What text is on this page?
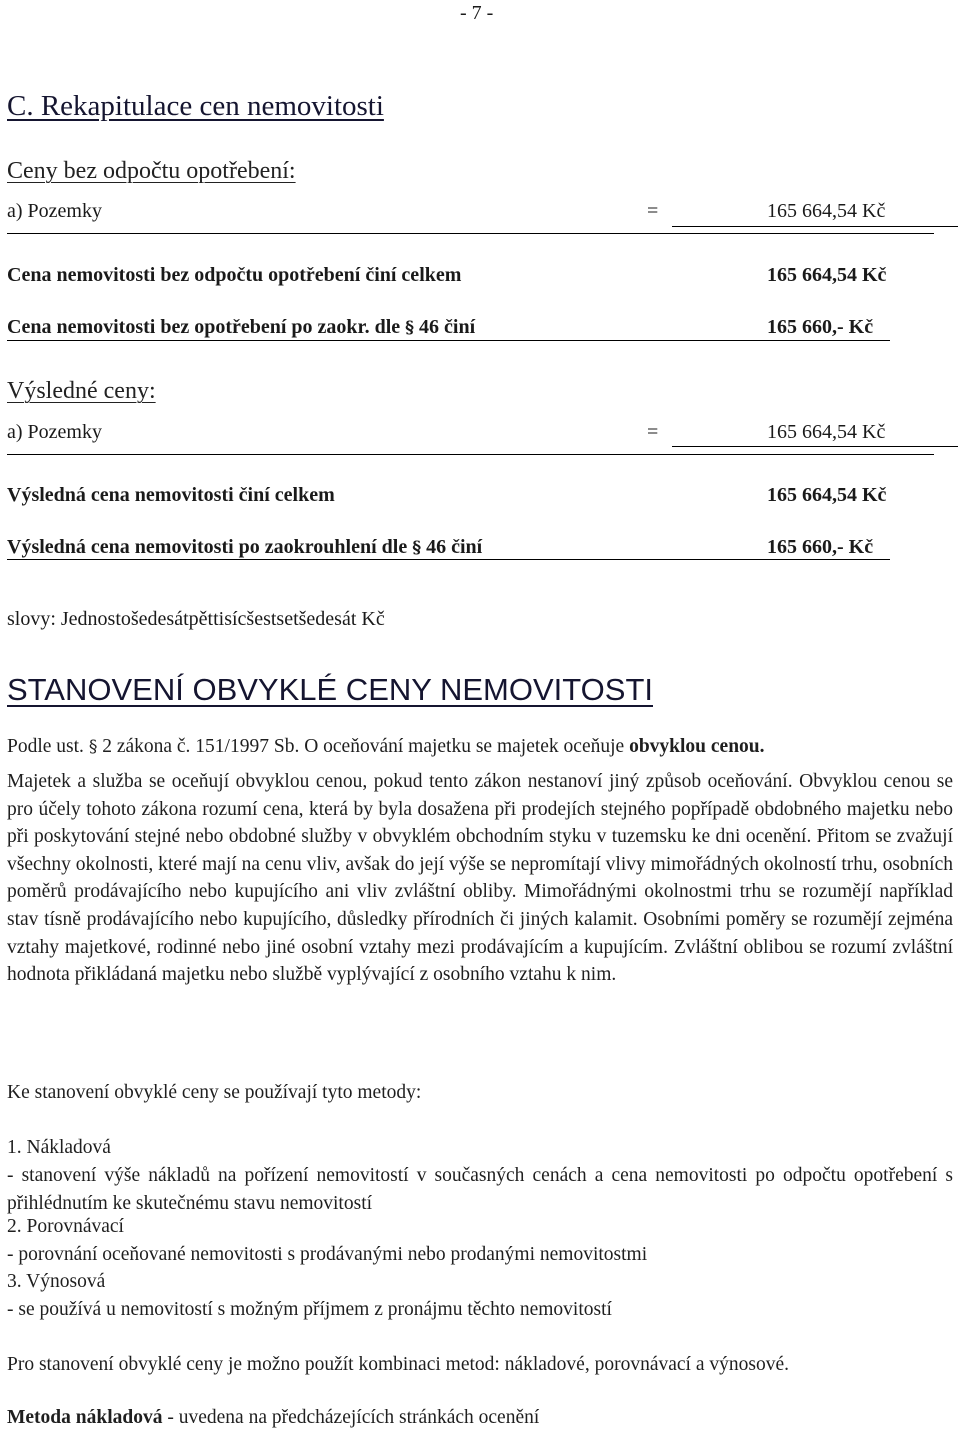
- 7 -
C. Rekapitulace cen nemovitosti
Ceny bez odpočtu opotřebení:
a) Pozemky	=	165 664,54 Kč
Cena nemovitosti bez odpočtu opotřebení činí celkem	165 664,54 Kč
Cena nemovitosti bez opotřebení po zaokr. dle § 46 činí	165 660,- Kč
Výsledné ceny:
a) Pozemky	=	165 664,54 Kč
Výsledná cena nemovitosti činí celkem	165 664,54 Kč
Výsledná cena nemovitosti po zaokrouhlení dle § 46 činí	165 660,- Kč
slovy: Jednostošedesátpěttisícšestsetšedesát Kč
STANOVENÍ OBVYKLÉ CENY NEMOVITOSTI
Podle ust. § 2 zákona č. 151/1997 Sb. O oceňování majetku se majetek oceňuje obvyklou cenou.
Majetek a služba se oceňují obvyklou cenou, pokud tento zákon nestanoví jiný způsob oceňování. Obvyklou cenou se pro účely tohoto zákona rozumí cena, která by byla dosažena při prodejích stejného popřípadě obdobného majetku nebo při poskytování stejné nebo obdobné služby v obvyklém obchodním styku v tuzemsku ke dni ocenění. Přitom se zvažují všechny okolnosti, které mají na cenu vliv, avšak do její výše se nepromítají vlivy mimořádných okolností trhu, osobních poměrů prodávajícího nebo kupujícího ani vliv zvláštní obliby. Mimořádnými okolnostmi trhu se rozumějí například stav tísně prodávajícího nebo kupujícího, důsledky přírodních či jiných kalamit. Osobními poměry se rozumějí zejména vztahy majetkové, rodinné nebo jiné osobní vztahy mezi prodávajícím a kupujícím. Zvláštní oblibou se rozumí zvláštní hodnota přikládaná majetku nebo službě vyplývající z osobního vztahu k nim.
Ke stanovení obvyklé ceny se používají tyto metody:
1. Nákladová
- stanovení výše nákladů na pořízení nemovitostí v současných cenách a cena nemovitosti po odpočtu opotřebení s přihlédnutím ke skutečnému stavu nemovitostí
2. Porovnávací
- porovnání oceňované nemovitosti s prodávanými nebo prodanými nemovitostmi
3. Výnosová
- se používá u nemovitostí s možným příjmem z pronájmu těchto nemovitostí
Pro stanovení obvyklé ceny je možno použít kombinaci metod: nákladové, porovnávací a výnosové.
Metoda nákladová - uvedena na předcházejících stránkách ocenění
